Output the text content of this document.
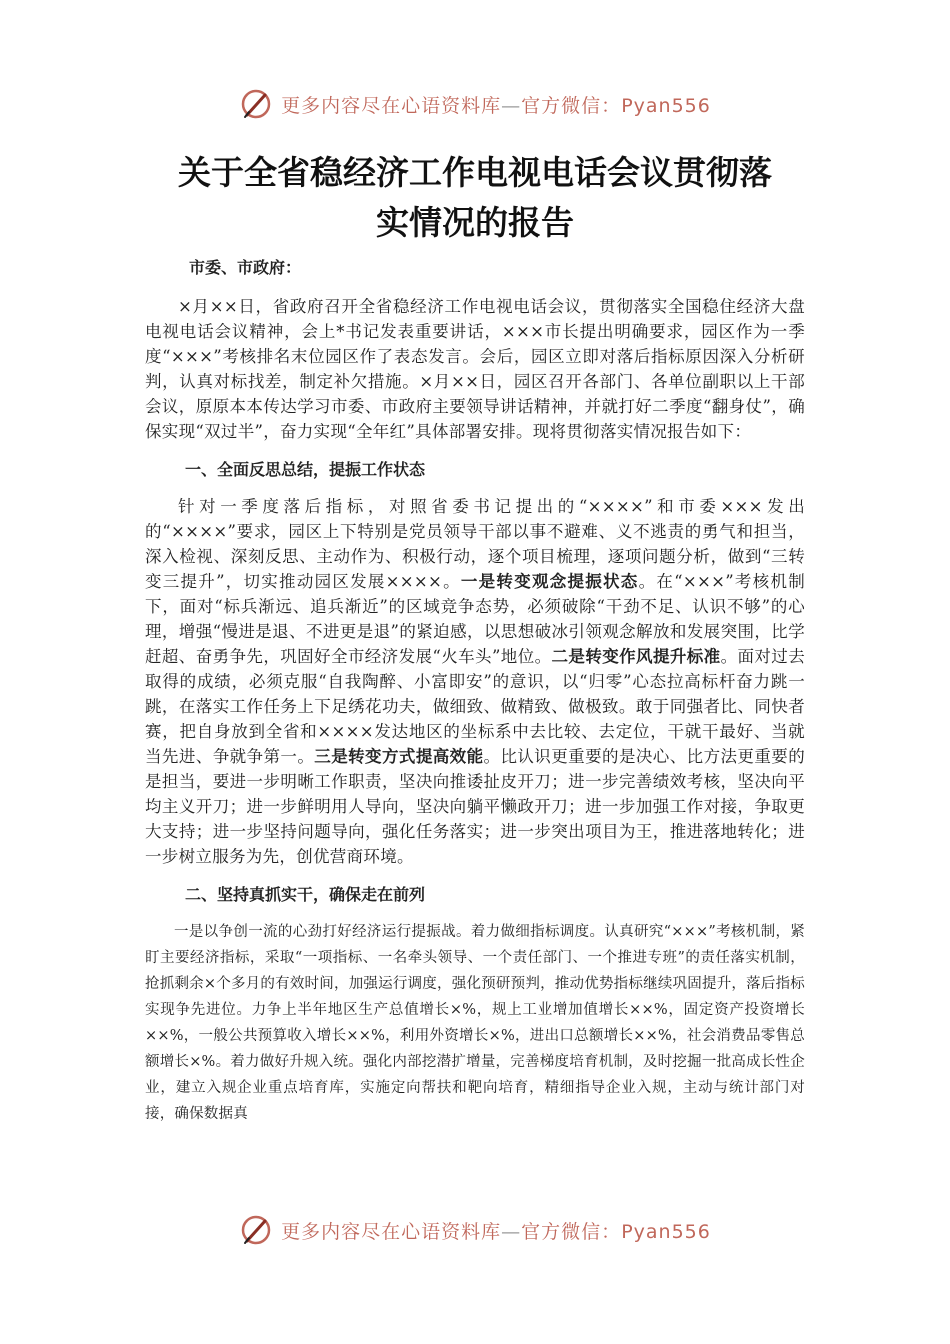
更多内容尽在心语资料库—官方微信：Pyan556
关于全省稳经济工作电视电话会议贯彻落
实情况的报告
市委、市政府：

×月××日，省政府召开全省稳经济工作电视电话会议，贯彻落实全国稳住经济大盘电视电话会议精神，会上*书记发表重要讲话，×××市长提出明确要求，园区作为一季度“×××”考核排名末位园区作了表态发言。会后，园区立即对落后指标原因深入分析研判，认真对标找差，制定补欠措施。×月××日，园区召开各部门、各单位副职以上干部会议，原原本本传达学习市委、市政府主要领导讲话精神，并就打好二季度“翻身仗”，确保实现“双过半”，奋力实现“全年红”具体部署安排。现将贯彻落实情况报告如下：

一、全面反思总结，提振工作状态

针对一季度落后指标，对照省委书记提出的“××××”和市委×××发出的“××××”要求，园区上下特别是党员领导干部以事不避难、义不逃责的勇气和担当，深入检视、深刻反思、主动作为、积极行动，逐个项目梳理，逐项问题分析，做到“三转变三提升”，切实推动园区发展××××。一是转变观念提振状态。在“×××”考核机制下，面对“标兵渐远、追兵渐近”的区域竞争态势，必须破除“干劲不足、认识不够”的心理，增强“慢进是退、不进更是退”的紧迫感，以思想破冰引领观念解放和发展突围，比学赶超、奋勇争先，巩固好全市经济发展“火车头”地位。二是转变作风提升标准。面对过去取得的成绩，必须克服“自我陶醉、小富即安”的意识，以“归零”心态拉高标杆奋力跳一跳，在落实工作任务上下足绣花功夫，做细致、做精致、做极致。敢于同强者比、同快者赛，把自身放到全省和××××发达地区的坐标系中去比较、去定位，干就干最好、当就当先进、争就争第一。三是转变方式提高效能。比认识更重要的是决心、比方法更重要的是担当，要进一步明晰工作职责，坚决向推诿扯皮开刀；进一步完善绩效考核，坚决向平均主义开刀；进一步鲜明用人导向，坚决向躺平懒政开刀；进一步加强工作对接，争取更大支持；进一步坚持问题导向，强化任务落实；进一步突出项目为王，推进落地转化；进一步树立服务为先，创优营商环境。

二、坚持真抓实干，确保走在前列

一是以争创一流的心劲打好经济运行提振战。着力做细指标调度。认真研究“×××”考核机制，紧盯主要经济指标，采取“一项指标、一名牵头领导、一个责任部门、一个推进专班”的责任落实机制，抢抓剩余×个多月的有效时间，加强运行调度，强化预研预判，推动优势指标继续巩固提升，落后指标实现争先进位。力争上半年地区生产总值增长×%，规上工业增加值增长××%，固定资产投资增长××%，一般公共预算收入增长××%，利用外资增长×%，进出口总额增长××%，社会消费品零售总额增长×%。着力做好升规入统。强化内部挖潜扩增量，完善梯度培育机制，及时挖掘一批高成长性企业，建立入规企业重点培育库，实施定向帮扶和靶向培育，精细指导企业入规，主动与统计部门对接，确保数据真

更多内容尽在心语资料库—官方微信：Pyan556
